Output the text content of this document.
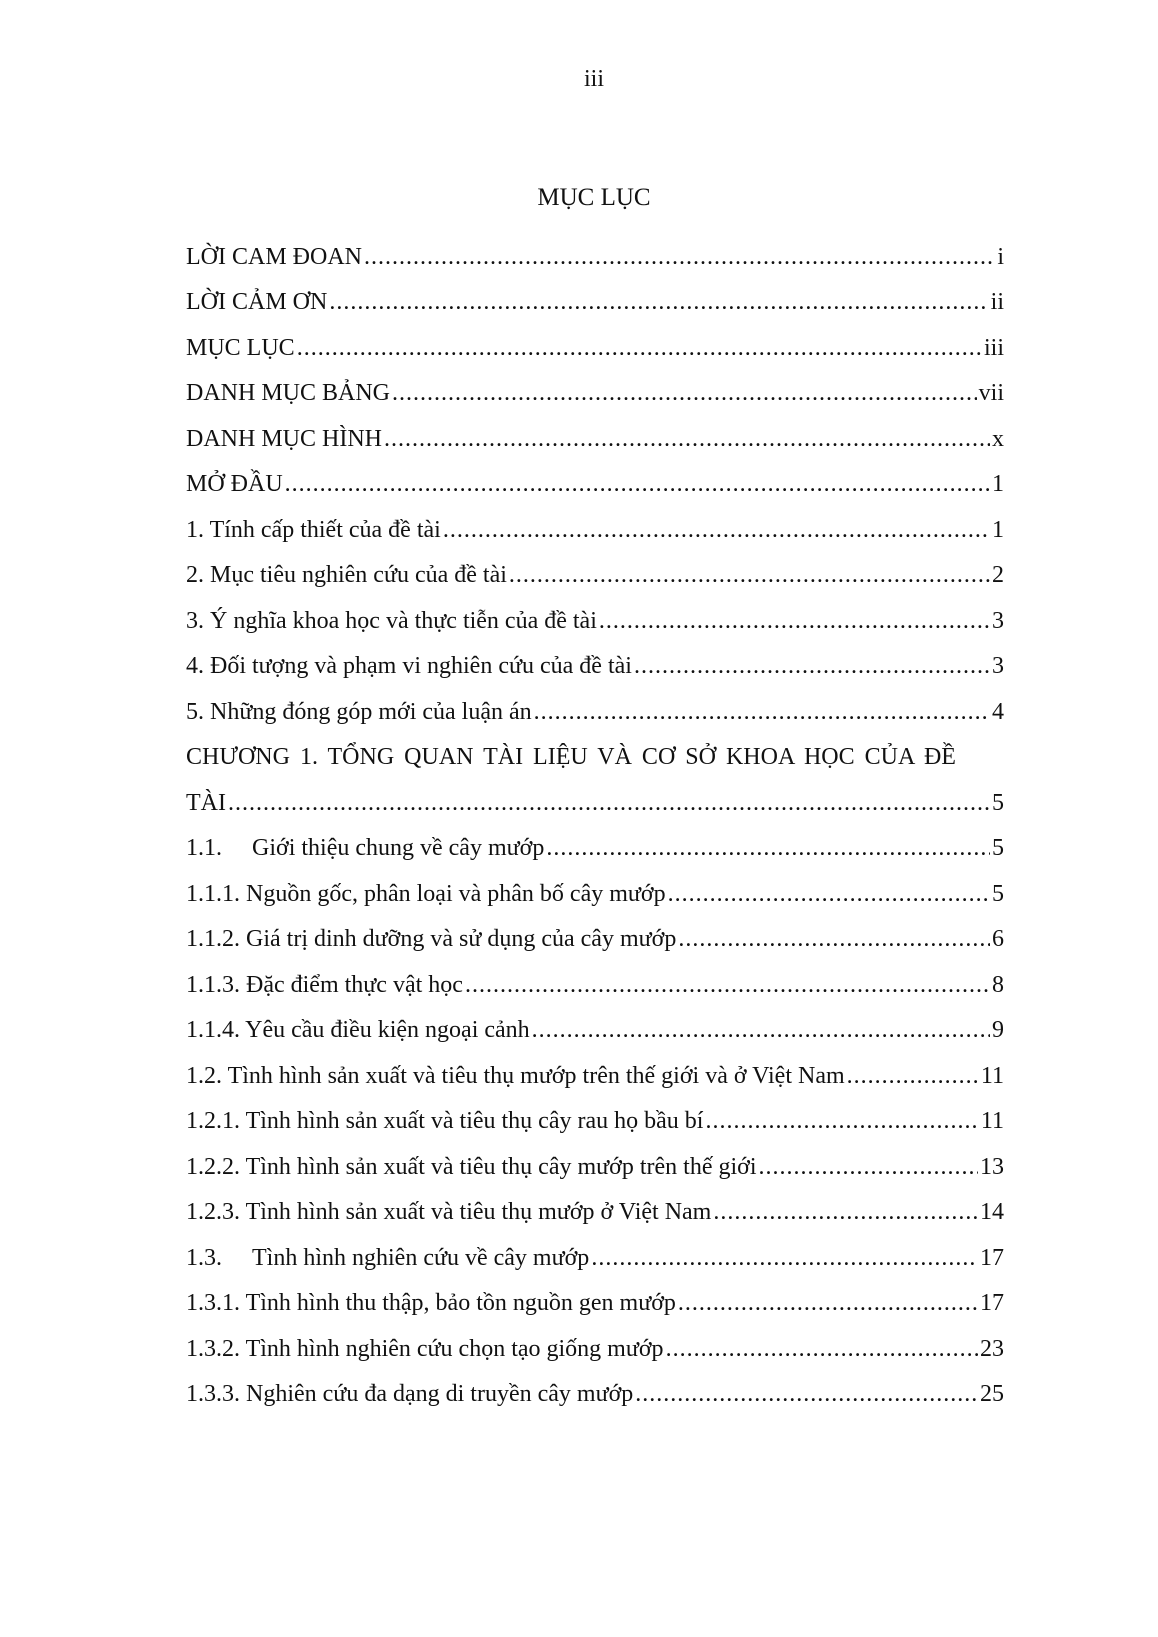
iii
MỤC LỤC
LỜI CAM ĐOAN .....	i
LỜI CẢM ƠN .....	ii
MỤC LỤC .....	iii
DANH MỤC BẢNG .....	vii
DANH MỤC HÌNH .....	x
MỞ ĐẦU .....	1
1. Tính cấp thiết của đề tài .....	1
2. Mục tiêu nghiên cứu của đề tài .....	2
3. Ý nghĩa khoa học và thực tiễn của đề tài .....	3
4. Đối tượng và phạm vi nghiên cứu của đề tài .....	3
5. Những đóng góp mới của luận án .....	4
CHƯƠNG 1. TỔNG QUAN TÀI LIỆU VÀ CƠ SỞ KHOA HỌC CỦA ĐỀ
TÀI .....	5
1.1. Giới thiệu chung về cây mướp .....	5
1.1.1. Nguồn gốc, phân loại và phân bố cây mướp .....	5
1.1.2. Giá trị dinh dưỡng và sử dụng của cây mướp .....	6
1.1.3. Đặc điểm thực vật học .....	8
1.1.4. Yêu cầu điều kiện ngoại cảnh .....	9
1.2. Tình hình sản xuất và tiêu thụ mướp trên thế giới và ở Việt Nam .....	11
1.2.1. Tình hình sản xuất và tiêu thụ cây rau họ bầu bí .....	11
1.2.2. Tình hình sản xuất và tiêu thụ cây mướp trên thế giới .....	13
1.2.3. Tình hình sản xuất và tiêu thụ mướp ở Việt Nam .....	14
1.3. Tình hình nghiên cứu về cây mướp .....	17
1.3.1. Tình hình thu thập, bảo tồn nguồn gen mướp .....	17
1.3.2. Tình hình nghiên cứu chọn tạo giống mướp .....	23
1.3.3. Nghiên cứu đa dạng di truyền cây mướp .....	25
